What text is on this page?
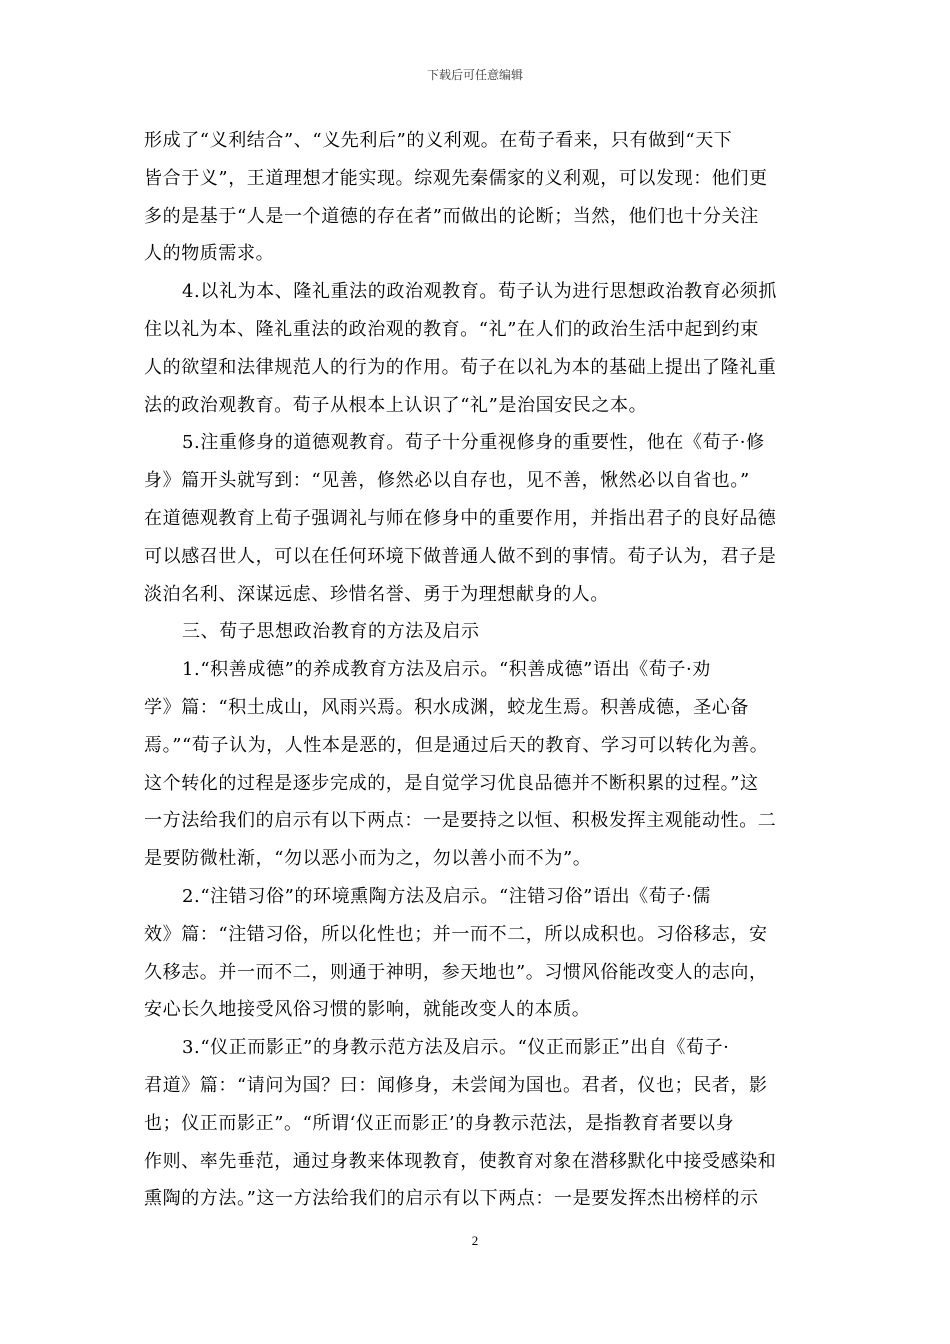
下载后可任意编辑
形成了“义利结合”、“义先利后”的义利观。在荀子看来，只有做到“天下
皆合于义”，王道理想才能实现。综观先秦儒家的义利观，可以发现：他们更
多的是基于“人是一个道德的存在者”而做出的论断；当然，他们也十分关注
人的物质需求。
4.以礼为本、隆礼重法的政治观教育。荀子认为进行思想政治教育必须抓
住以礼为本、隆礼重法的政治观的教育。“礼”在人们的政治生活中起到约束
人的欲望和法律规范人的行为的作用。荀子在以礼为本的基础上提出了隆礼重
法的政治观教育。荀子从根本上认识了“礼”是治国安民之本。
5.注重修身的道德观教育。荀子十分重视修身的重要性，他在《荀子·修
身》篇开头就写到：“见善，修然必以自存也，见不善，愀然必以自省也。”
在道德观教育上荀子强调礼与师在修身中的重要作用，并指出君子的良好品德
可以感召世人，可以在任何环境下做普通人做不到的事情。荀子认为，君子是
淡泊名利、深谋远虑、珍惜名誉、勇于为理想献身的人。
三、荀子思想政治教育的方法及启示
1.“积善成德”的养成教育方法及启示。“积善成德”语出《荀子·劝
学》篇：“积土成山，风雨兴焉。积水成渊，蛟龙生焉。积善成德，圣心备
焉。”“荀子认为，人性本是恶的，但是通过后天的教育、学习可以转化为善。
这个转化的过程是逐步完成的，是自觉学习优良品德并不断积累的过程。”这
一方法给我们的启示有以下两点：一是要持之以恒、积极发挥主观能动性。二
是要防微杜渐，“勿以恶小而为之，勿以善小而不为”。
2.“注错习俗”的环境熏陶方法及启示。“注错习俗”语出《荀子·儒
效》篇：“注错习俗，所以化性也；并一而不二，所以成积也。习俗移志，安
久移志。并一而不二，则通于神明，参天地也”。习惯风俗能改变人的志向，
安心长久地接受风俗习惯的影响，就能改变人的本质。
3.“仪正而影正”的身教示范方法及启示。“仪正而影正”出自《荀子·
君道》篇：“请问为国？曰：闻修身，未尝闻为国也。君者，仪也；民者，影
也；仪正而影正”。“所谓‘仪正而影正’的身教示范法，是指教育者要以身
作则、率先垂范，通过身教来体现教育，使教育对象在潜移默化中接受感染和
熏陶的方法。”这一方法给我们的启示有以下两点：一是要发挥杰出榜样的示
2
